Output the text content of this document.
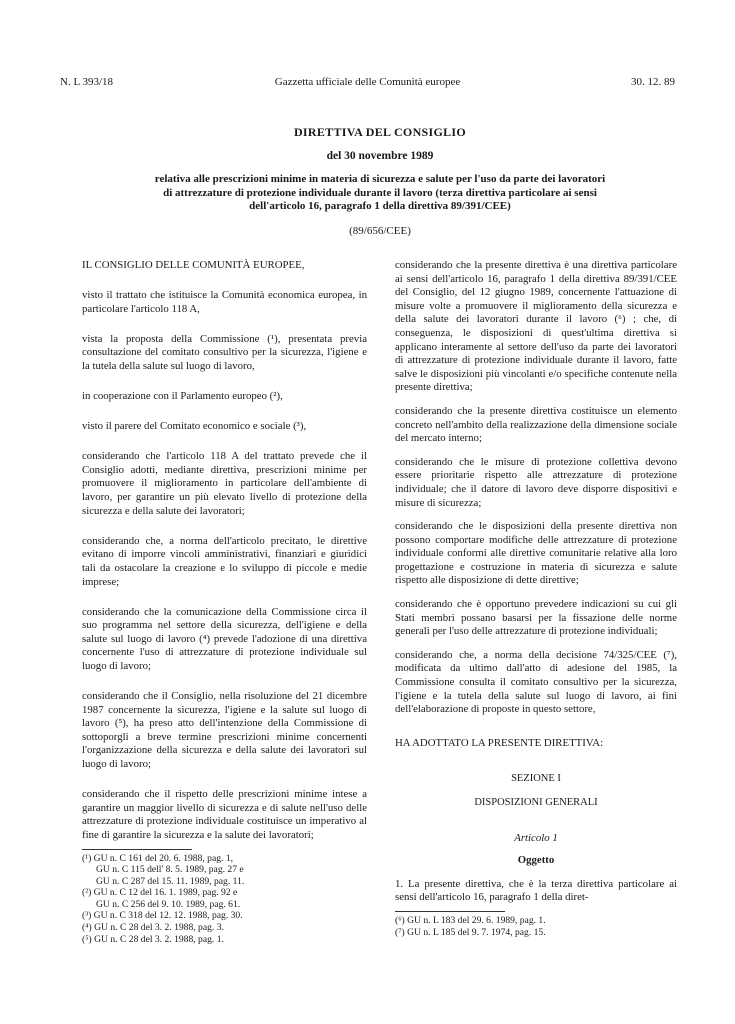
N. L 393/18	Gazzetta ufficiale delle Comunità europee	30. 12. 89
DIRETTIVA DEL CONSIGLIO
del 30 novembre 1989
relativa alle prescrizioni minime in materia di sicurezza e salute per l'uso da parte dei lavoratori di attrezzature di protezione individuale durante il lavoro (terza direttiva particolare ai sensi dell'articolo 16, paragrafo 1 della direttiva 89/391/CEE)
(89/656/CEE)

IL CONSIGLIO DELLE COMUNITÀ EUROPEE,

visto il trattato che istituisce la Comunità economica europea, in particolare l'articolo 118 A,

vista la proposta della Commissione (¹), presentata previa consultazione del comitato consultivo per la sicurezza, l'igiene e la tutela della salute sul luogo di lavoro,

in cooperazione con il Parlamento europeo (²),

visto il parere del Comitato economico e sociale (³),

considerando che l'articolo 118 A del trattato prevede che il Consiglio adotti, mediante direttiva, prescrizioni minime per promuovere il miglioramento in particolare dell'ambiente di lavoro, per garantire un più elevato livello di protezione della sicurezza e della salute dei lavoratori;

considerando che, a norma dell'articolo precitato, le direttive evitano di imporre vincoli amministrativi, finanziari e giuridici tali da ostacolare la creazione e lo sviluppo di piccole e medie imprese;

considerando che la comunicazione della Commissione circa il suo programma nel settore della sicurezza, dell'igiene e della salute sul luogo di lavoro (⁴) prevede l'adozione di una direttiva concernente l'uso di attrezzature di protezione individuale sul luogo di lavoro;

considerando che il Consiglio, nella risoluzione del 21 dicembre 1987 concernente la sicurezza, l'igiene e la salute sul luogo di lavoro (⁵), ha preso atto dell'intenzione della Commissione di sottoporgli a breve termine prescrizioni minime concernenti l'organizzazione della sicurezza e della salute dei lavoratori sul luogo di lavoro;

considerando che il rispetto delle prescrizioni minime intese a garantire un maggior livello di sicurezza e di salute nell'uso delle attrezzature di protezione individuale costituisce un imperativo al fine di garantire la sicurezza e la salute dei lavoratori;

(¹) GU n. C 161 del 20. 6. 1988, pag. 1,
GU n. C 115 dell' 8. 5. 1989, pag. 27 e
GU n. C 287 del 15. 11. 1989, pag. 11.
(²) GU n. C 12 del 16. 1. 1989, pag. 92 e
GU n. C 256 del 9. 10. 1989, pag. 61.
(³) GU n. C 318 del 12. 12. 1988, pag. 30.
(⁴) GU n. C 28 del 3. 2. 1988, pag. 3.
(⁵) GU n. C 28 del 3. 2. 1988, pag. 1.

considerando che la presente direttiva è una direttiva particolare ai sensi dell'articolo 16, paragrafo 1 della direttiva 89/391/CEE del Consiglio, del 12 giugno 1989, concernente l'attuazione di misure volte a promuovere il miglioramento della sicurezza e della salute dei lavoratori durante il lavoro (⁶) ; che, di conseguenza, le disposizioni di quest'ultima direttiva si applicano interamente al settore dell'uso da parte dei lavoratori di attrezzature di protezione individuale durante il lavoro, fatte salve le disposizioni più vincolanti e/o specifiche contenute nella presente direttiva;

considerando che la presente direttiva costituisce un elemento concreto nell'ambito della realizzazione della dimensione sociale del mercato interno;

considerando che le misure di protezione collettiva devono essere prioritarie rispetto alle attrezzature di protezione individuale; che il datore di lavoro deve disporre dispositivi e misure di sicurezza;

considerando che le disposizioni della presente direttiva non possono comportare modifiche delle attrezzature di protezione individuale conformi alle direttive comunitarie relative alla loro progettazione e costruzione in materia di sicurezza e salute rispetto alle disposizione di dette direttive;

considerando che è opportuno prevedere indicazioni su cui gli Stati membri possano basarsi per la fissazione delle norme generali per l'uso delle attrezzature di protezione individuali;

considerando che, a norma della decisione 74/325/CEE (⁷), modificata da ultimo dall'atto di adesione del 1985, la Commissione consulta il comitato consultivo per la sicurezza, l'igiene e la tutela della salute sul luogo di lavoro, ai fini dell'elaborazione di proposte in questo settore,

HA ADOTTATO LA PRESENTE DIRETTIVA:
SEZIONE I
DISPOSIZIONI GENERALI
Articolo 1
Oggetto
1. La presente direttiva, che è la terza direttiva particolare ai sensi dell'articolo 16, paragrafo 1 della diret-
(⁶) GU n. L 183 del 29. 6. 1989, pag. 1.
(⁷) GU n. L 185 del 9. 7. 1974, pag. 15.
